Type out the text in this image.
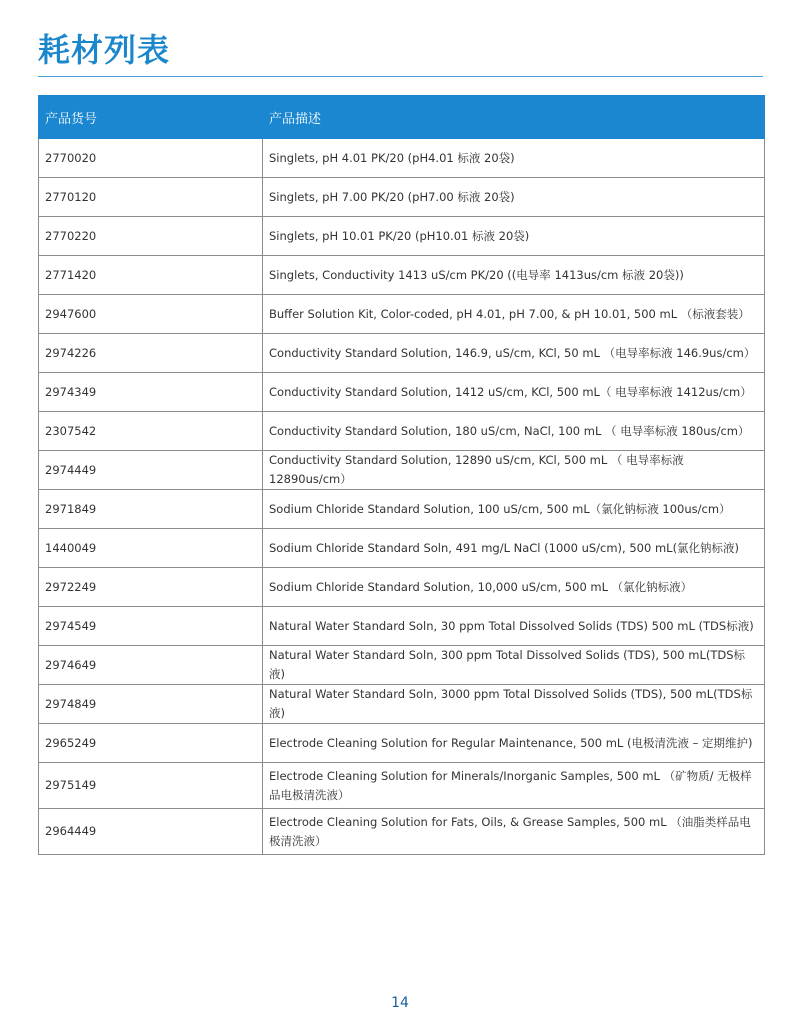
耗材列表
产品货号	产品描述
2770020	Singlets, pH 4.01 PK/20 (pH4.01 标液 20袋)
2770120	Singlets, pH 7.00 PK/20 (pH7.00 标液 20袋)
2770220	Singlets, pH 10.01 PK/20 (pH10.01 标液 20袋)
2771420	Singlets, Conductivity 1413 uS/cm PK/20 ((电导率 1413us/cm 标液 20袋))
2947600	Buffer Solution Kit, Color-coded, pH 4.01, pH 7.00, & pH 10.01, 500 mL （标液套装）
2974226	Conductivity Standard Solution, 146.9, uS/cm, KCl, 50 mL （电导率标液 146.9us/cm）
2974349	Conductivity Standard Solution, 1412 uS/cm, KCl, 500 mL（ 电导率标液 1412us/cm）
2307542	Conductivity Standard Solution, 180 uS/cm, NaCl, 100 mL （ 电导率标液 180us/cm）
2974449	Conductivity Standard Solution, 12890 uS/cm, KCl, 500 mL （ 电导率标液 12890us/cm）
2971849	Sodium Chloride Standard Solution, 100 uS/cm, 500 mL（氯化钠标液 100us/cm）
1440049	Sodium Chloride Standard Soln, 491 mg/L NaCl (1000 uS/cm), 500 mL(氯化钠标液)
2972249	Sodium Chloride Standard Solution, 10,000 uS/cm, 500 mL （氯化钠标液）
2974549	Natural Water Standard Soln, 30 ppm Total Dissolved Solids (TDS) 500 mL (TDS标液)
2974649	Natural Water Standard Soln, 300 ppm Total Dissolved Solids (TDS), 500 mL(TDS标液)
2974849	Natural Water Standard Soln, 3000 ppm Total Dissolved Solids (TDS), 500 mL(TDS标液)
2965249	Electrode Cleaning Solution for Regular Maintenance, 500 mL (电极清洗液 – 定期维护)
2975149	Electrode Cleaning Solution for Minerals/Inorganic Samples, 500 mL （矿物质/ 无极样品电极清洗液）
2964449	Electrode Cleaning Solution for Fats, Oils, & Grease Samples, 500 mL （油脂类样品电极清洗液）
14
